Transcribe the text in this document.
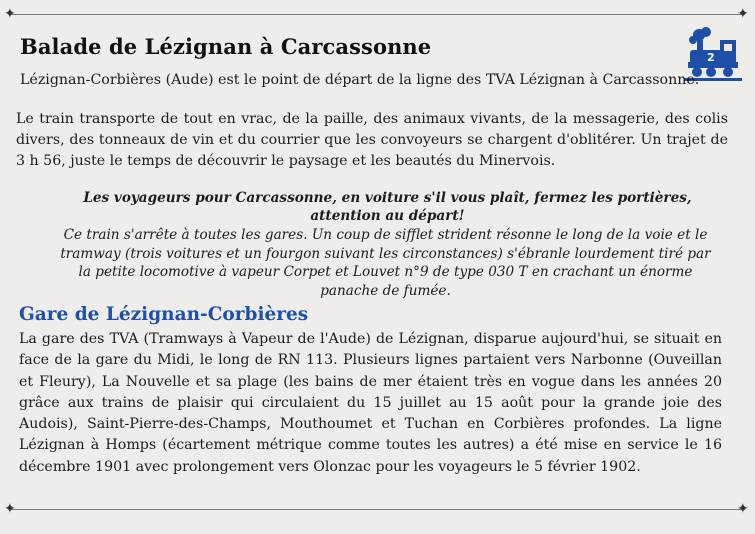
✦	✦
✦	✦
Balade de Lézignan à Carcassonne	2
Lézignan-Corbières (Aude) est le point de départ de la ligne des TVA Lézignan à Carcassonne.
Le train transporte de tout en vrac, de la paille, des animaux vivants, de la messagerie, des colis divers, des tonneaux de vin et du courrier que les convoyeurs se chargent d'oblitérer. Un trajet de 3 h 56, juste le temps de découvrir le paysage et les beautés du Minervois.
Les voyageurs pour Carcassonne, en voiture s'il vous plaît, fermez les portières, attention au départ!
Ce train s'arrête à toutes les gares. Un coup de sifflet strident résonne le long de la voie et le tramway (trois voitures et un fourgon suivant les circonstances) s'ébranle lourdement tiré par la petite locomotive à vapeur Corpet et Louvet n°9 de type 030 T en crachant un énorme panache de fumée.
Gare de Lézignan-Corbières
La gare des TVA (Tramways à Vapeur de l'Aude) de Lézignan, disparue aujourd'hui, se situait en face de la gare du Midi, le long de RN 113. Plusieurs lignes partaient vers Narbonne (Ouveillan et Fleury), La Nouvelle et sa plage (les bains de mer étaient très en vogue dans les années 20 grâce aux trains de plaisir qui circulaient du 15 juillet au 15 août pour la grande joie des Audois), Saint-Pierre-des-Champs, Mouthoumet et Tuchan en Corbières profondes. La ligne Lézignan à Homps (écartement métrique comme toutes les autres) a été mise en service le 16 décembre 1901 avec prolongement vers Olonzac pour les voyageurs le 5 février 1902.
